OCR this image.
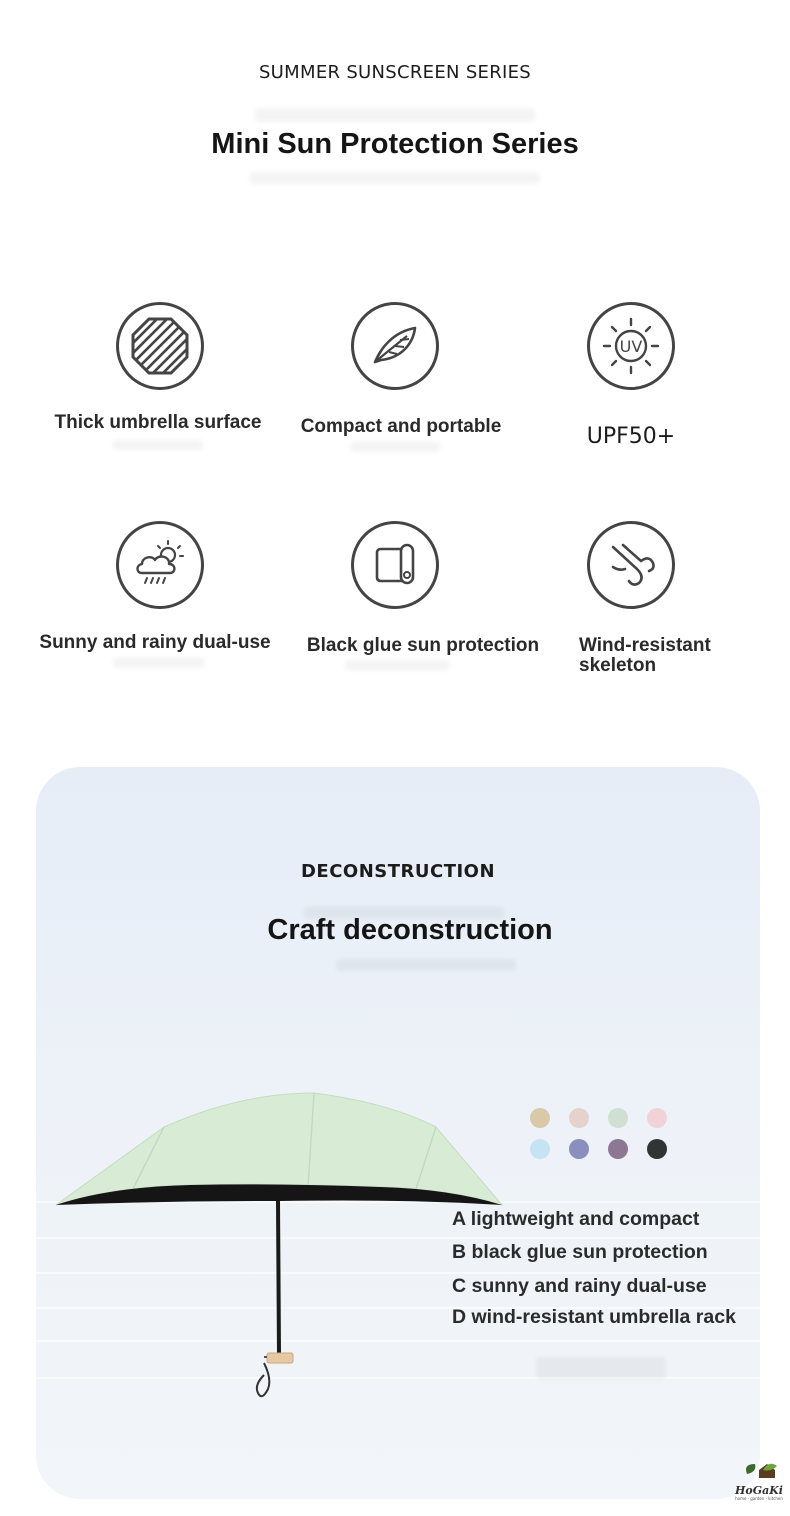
SUMMER SUNSCREEN SERIES
Mini Sun Protection Series
Thick umbrella surface	Compact and portable
UV
UPF50+
Sunny and rainy dual-use	Black glue sun protection	Wind-resistant skeleton
DECONSTRUCTION
Craft deconstruction
A lightweight and compact
B black glue sun protection
C sunny and rainy dual-use
D wind-resistant umbrella rack
HoGaKi
home · garden · kitchen
